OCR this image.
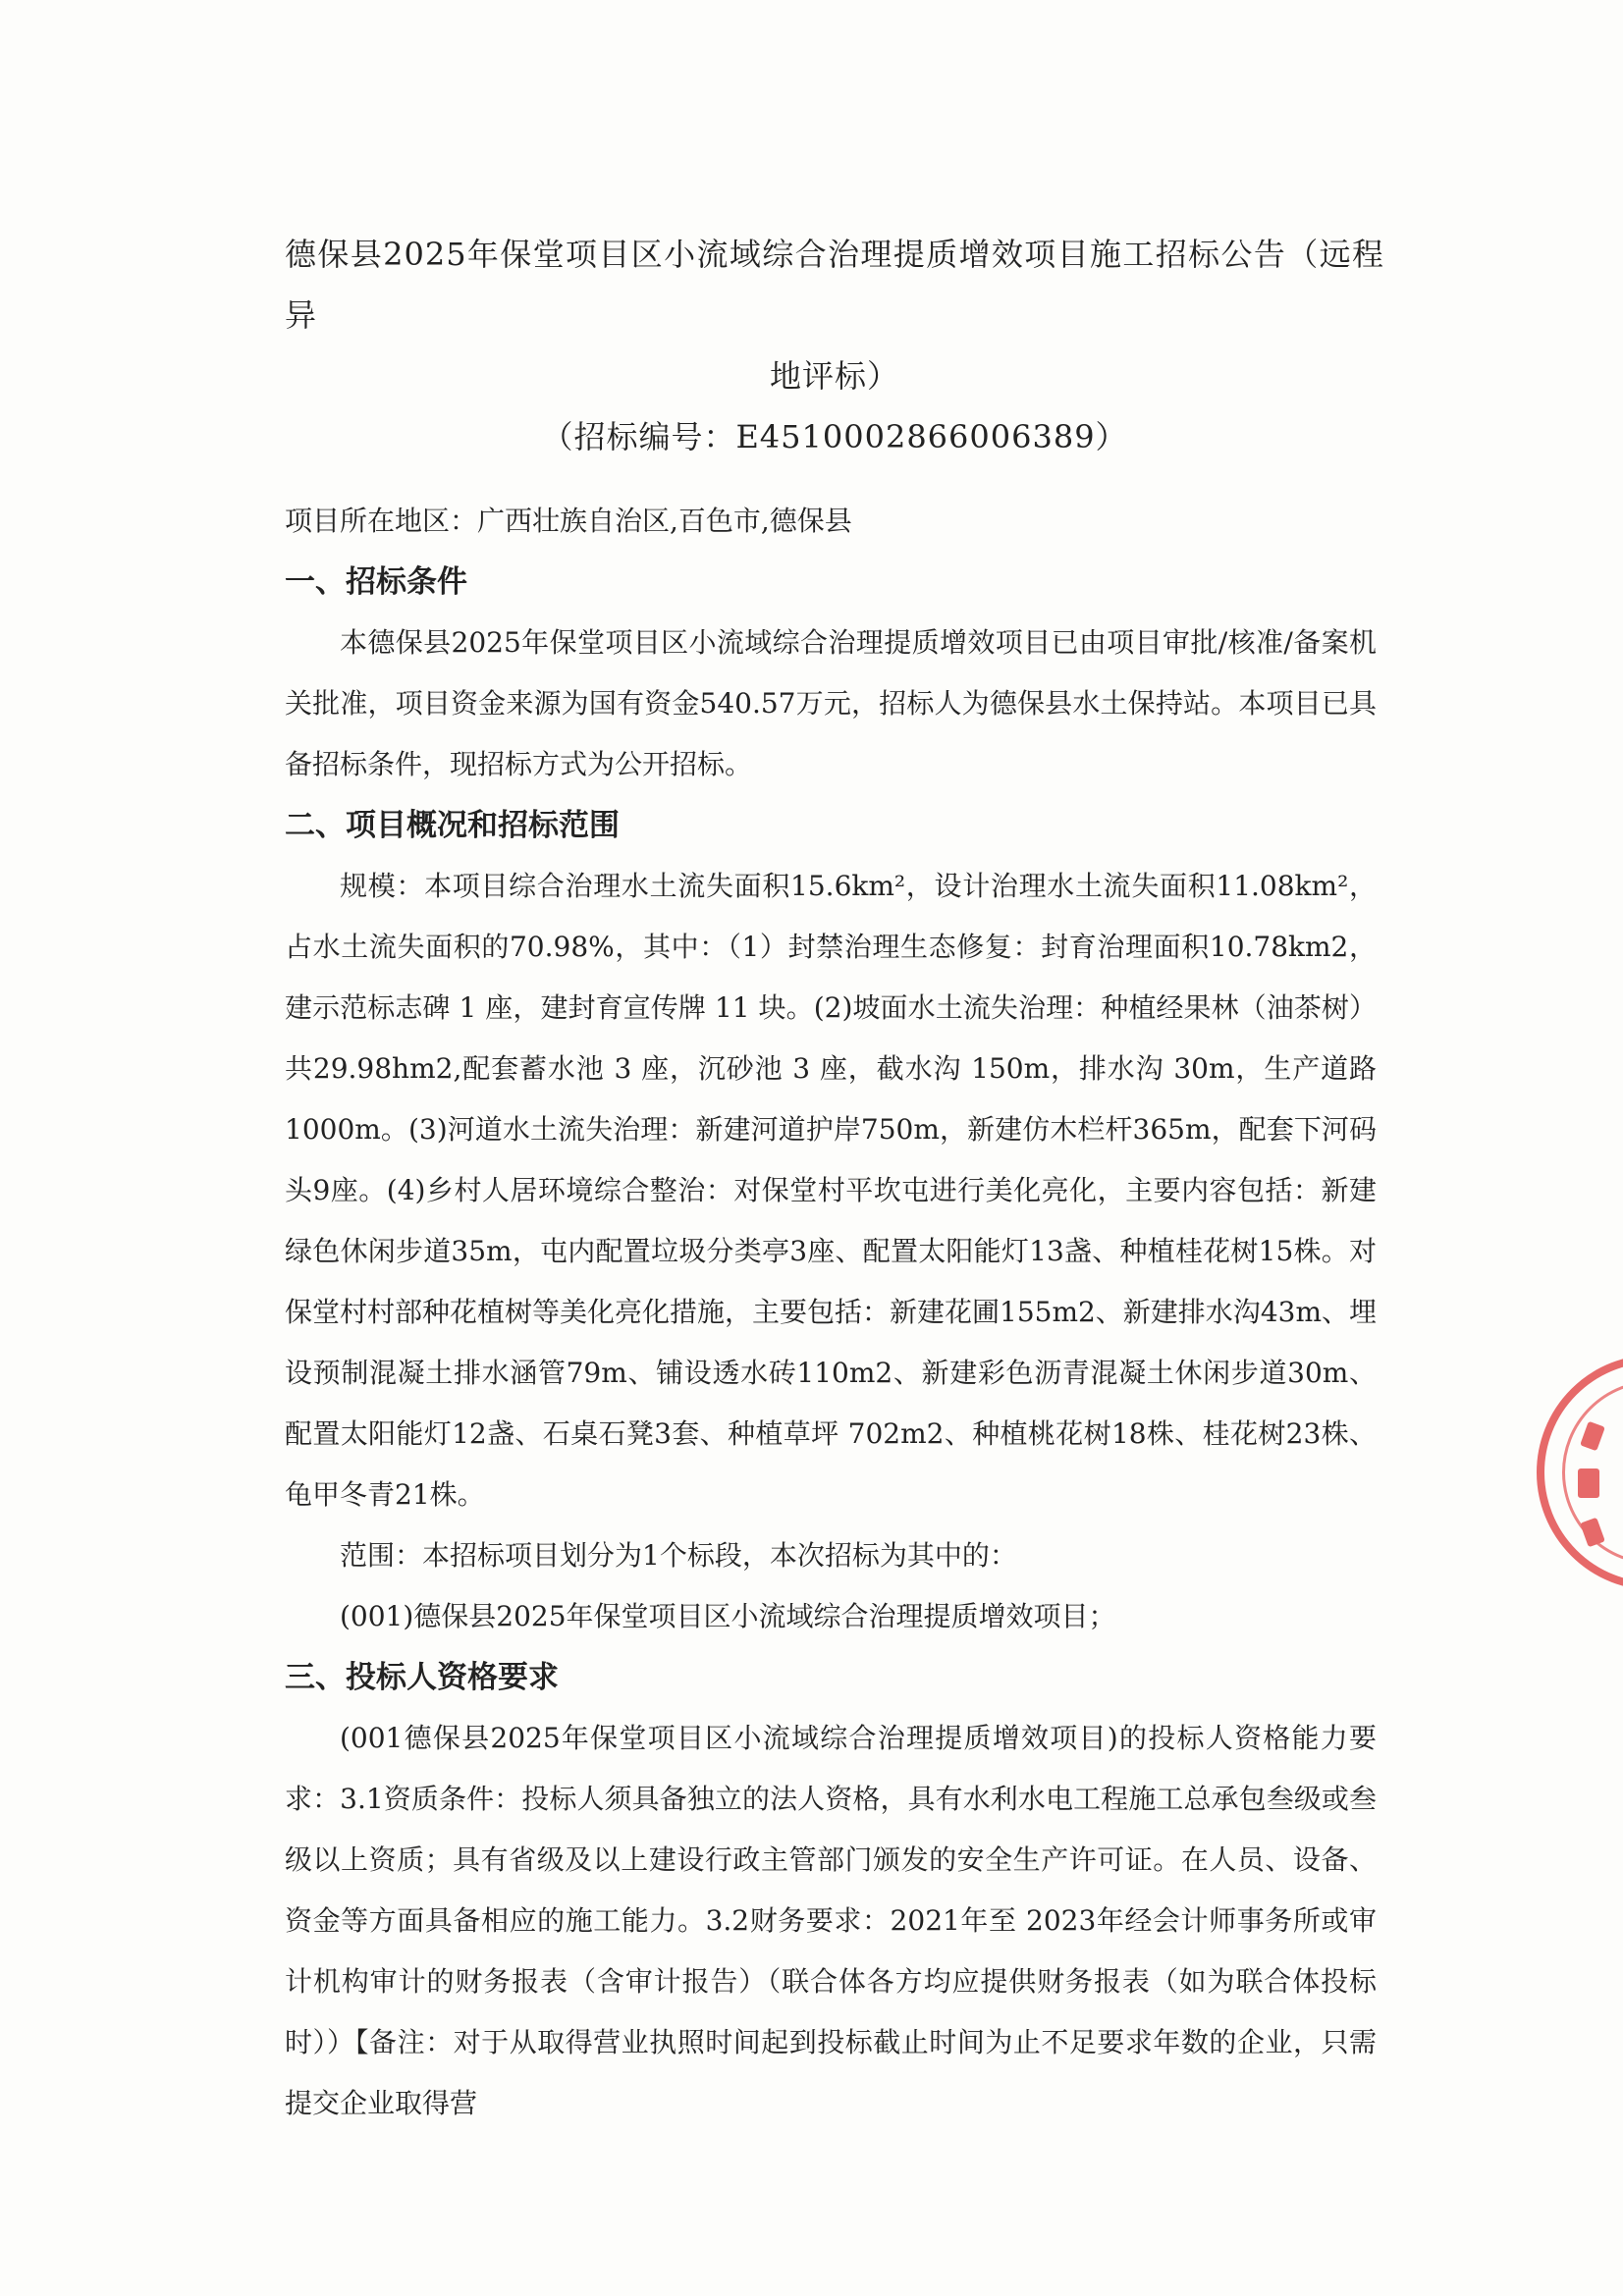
德保县2025年保堂项目区小流域综合治理提质增效项目施工招标公告（远程异
地评标）
（招标编号：E4510002866006389）

项目所在地区：广西壮族自治区,百色市,德保县

一、招标条件

本德保县2025年保堂项目区小流域综合治理提质增效项目已由项目审批/核准/备案机关批准，项目资金来源为国有资金540.57万元，招标人为德保县水土保持站。本项目已具备招标条件，现招标方式为公开招标。

二、项目概况和招标范围

规模：本项目综合治理水土流失面积15.6km²，设计治理水土流失面积11.08km²，占水土流失面积的70.98%，其中：（1）封禁治理生态修复：封育治理面积10.78km2，建示范标志碑 1 座，建封育宣传牌 11 块。(2)坡面水土流失治理：种植经果林（油茶树）共29.98hm2,配套蓄水池 3 座，沉砂池 3 座，截水沟 150m，排水沟 30m，生产道路 1000m。(3)河道水土流失治理：新建河道护岸750m，新建仿木栏杆365m，配套下河码头9座。(4)乡村人居环境综合整治：对保堂村平坎屯进行美化亮化，主要内容包括：新建绿色休闲步道35m，屯内配置垃圾分类亭3座、配置太阳能灯13盏、种植桂花树15株。对保堂村村部种花植树等美化亮化措施，主要包括：新建花圃155m2、新建排水沟43m、埋设预制混凝土排水涵管79m、铺设透水砖110m2、新建彩色沥青混凝土休闲步道30m、配置太阳能灯12盏、石桌石凳3套、种植草坪 702m2、种植桃花树18株、桂花树23株、龟甲冬青21株。

范围：本招标项目划分为1个标段，本次招标为其中的：

(001)德保县2025年保堂项目区小流域综合治理提质增效项目；

三、投标人资格要求

(001德保县2025年保堂项目区小流域综合治理提质增效项目)的投标人资格能力要求：3.1资质条件：投标人须具备独立的法人资格，具有水利水电工程施工总承包叁级或叁级以上资质；具有省级及以上建设行政主管部门颁发的安全生产许可证。在人员、设备、资金等方面具备相应的施工能力。3.2财务要求：2021年至 2023年经会计师事务所或审计机构审计的财务报表（含审计报告）（联合体各方均应提供财务报表（如为联合体投标时））【备注：对于从取得营业执照时间起到投标截止时间为止不足要求年数的企业，只需提交企业取得营
